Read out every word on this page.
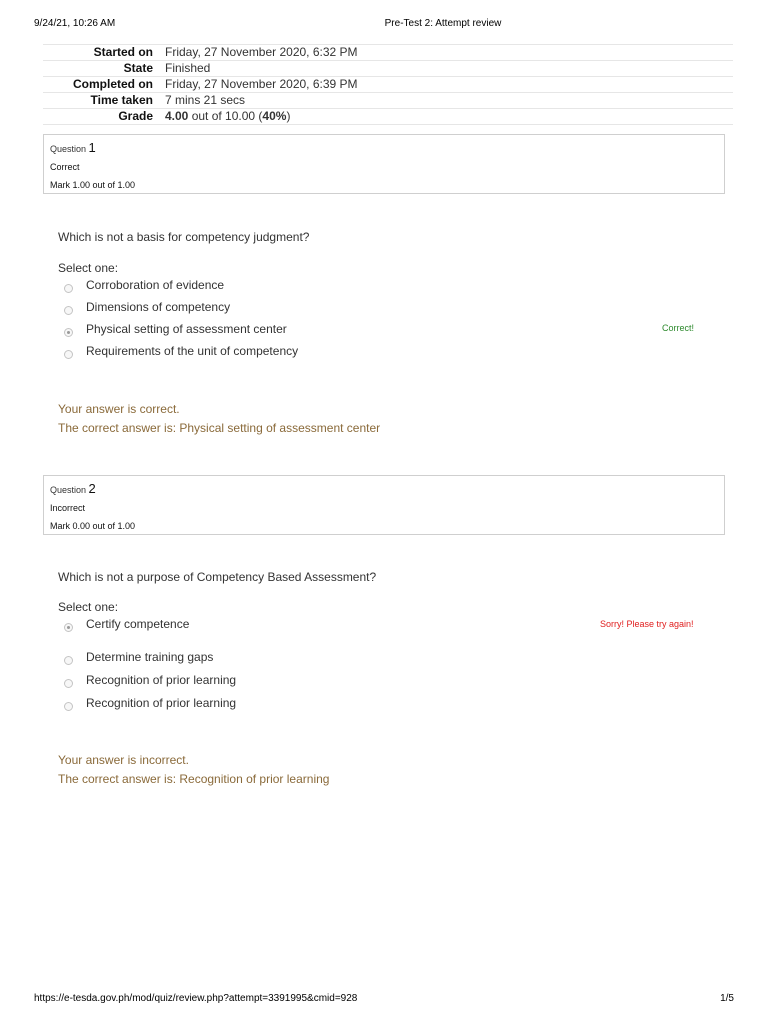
9/24/21, 10:26 AM	Pre-Test 2: Attempt review
Started on	Friday, 27 November 2020, 6:32 PM
State	Finished
Completed on	Friday, 27 November 2020, 6:39 PM
Time taken	7 mins 21 secs
Grade	4.00 out of 10.00 (40%)
Question 1
Correct
Mark 1.00 out of 1.00
Which is not a basis for competency judgment?
Select one:
Corroboration of evidence
Dimensions of competency
Physical setting of assessment center
Requirements of the unit of competency
Correct!
Your answer is correct.
The correct answer is: Physical setting of assessment center
Question 2
Incorrect
Mark 0.00 out of 1.00
Which is not a purpose of Competency Based Assessment?
Select one:
Certify competence
Determine training gaps
Recognition of prior learning
Recognition of prior learning
Sorry! Please try again!
Your answer is incorrect.
The correct answer is: Recognition of prior learning
https://e-tesda.gov.ph/mod/quiz/review.php?attempt=3391995&cmid=928	1/5
